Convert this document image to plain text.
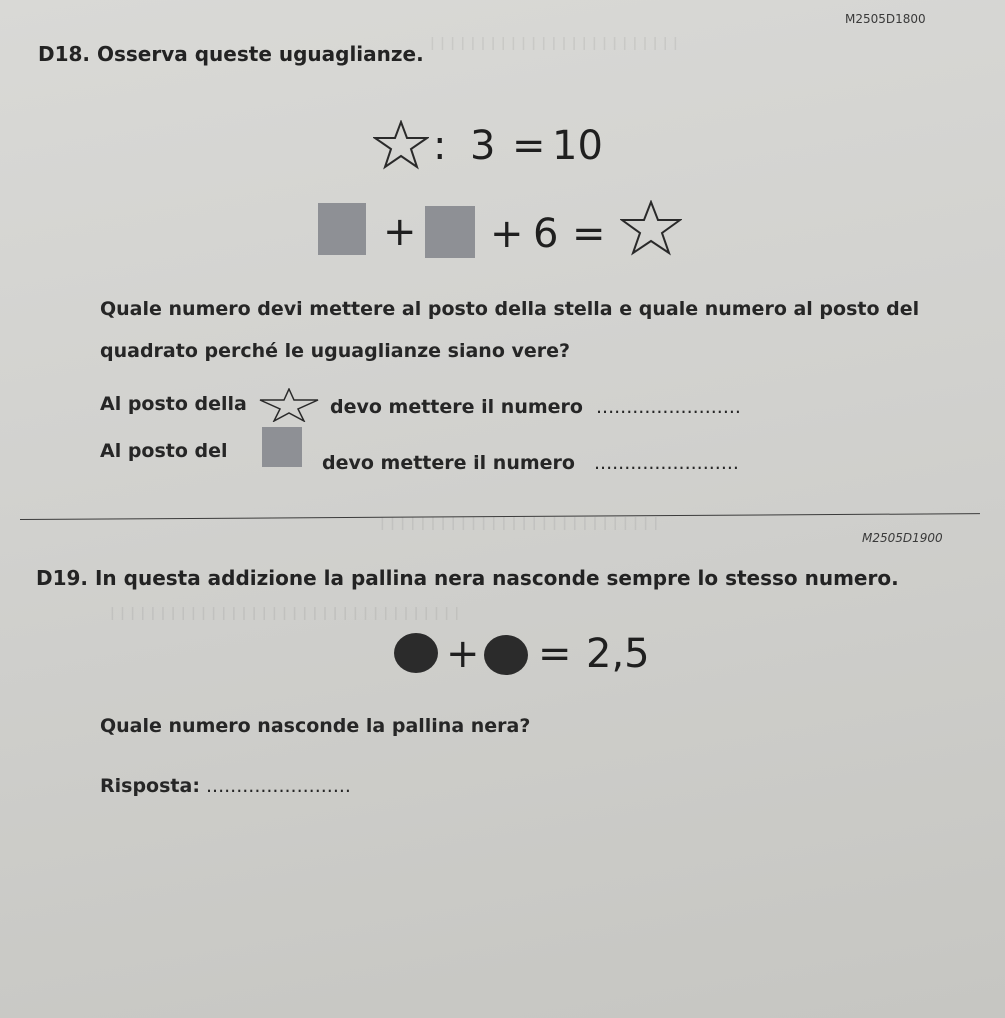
l l l l l l l l l l l l l l l l l l l l l l l l l
l l l l l l l l l l l l l l l l l l l l l l l l l l l l
l l l l l l l l l l l l l l l l l l l l l l l l l l l l l l l l l l l
M2505D1800
D18. Osserva queste uguaglianze.
: 3 = 10
+ + 6 =
Quale numero devi mettere al posto della stella e quale numero al posto del
quadrato perché le uguaglianze siano vere?
Al posto della	devo mettere il numero ........................
Al posto del
devo mettere il numero ........................
M2505D1900
D19. In questa addizione la pallina nera nasconde sempre lo stesso numero.
+ = 2,5
Quale numero nasconde la pallina nera?
Risposta: ........................
